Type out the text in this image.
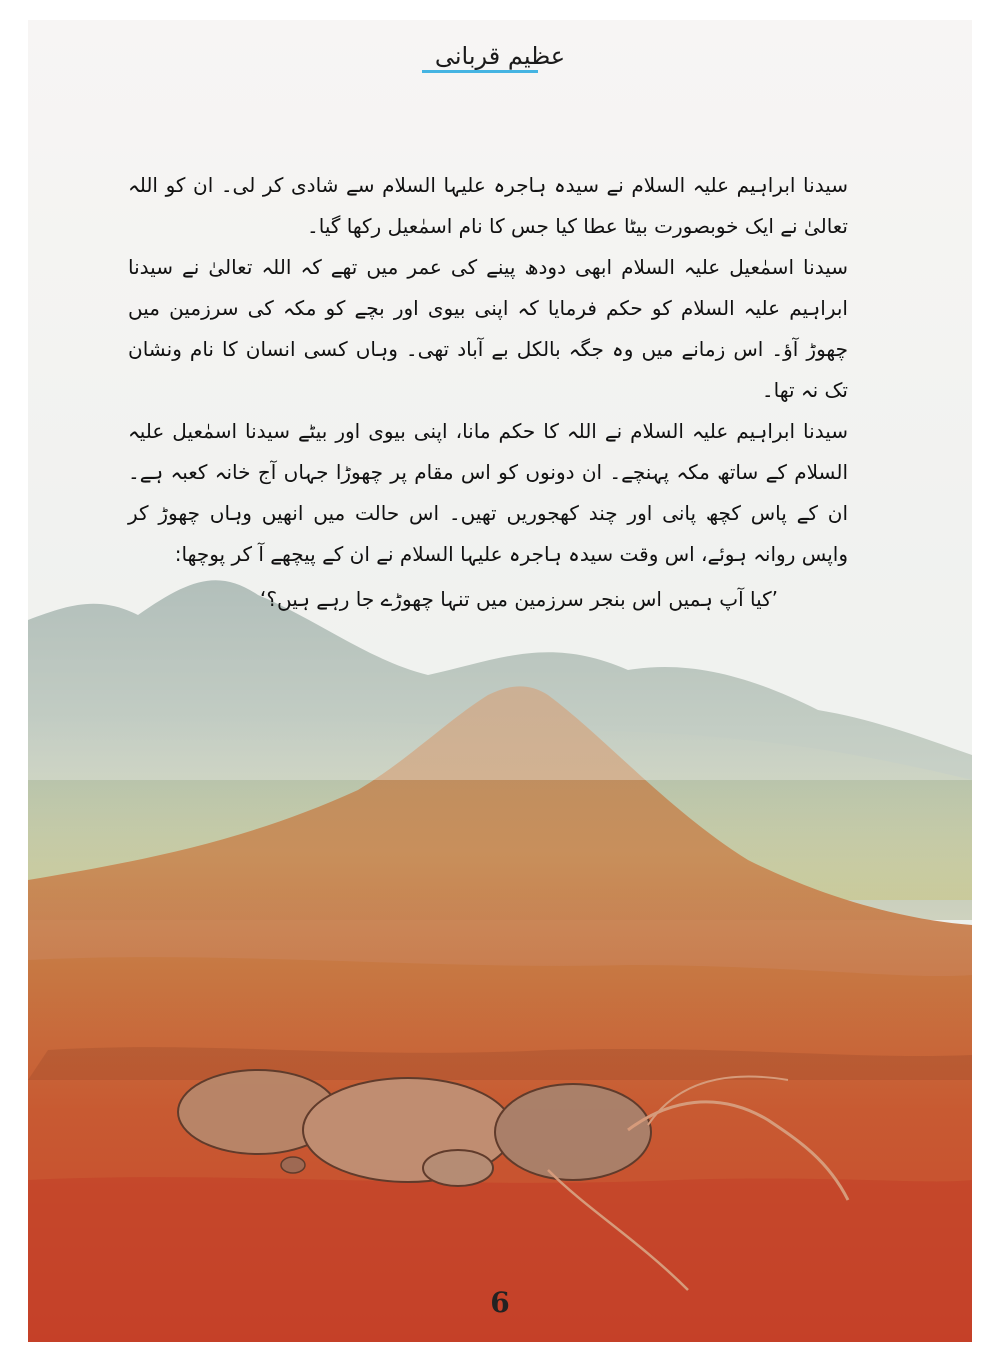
عظیم قربانی

سیدنا ابراہیم علیہ السلام نے سیدہ ہاجرہ علیہا السلام سے شادی کر لی۔ ان کو اللہ تعالیٰ نے ایک خوبصورت بیٹا عطا کیا جس کا نام اسمٰعیل رکھا گیا۔

سیدنا اسمٰعیل علیہ السلام ابھی دودھ پینے کی عمر میں تھے کہ اللہ تعالیٰ نے سیدنا ابراہیم علیہ السلام کو حکم فرمایا کہ اپنی بیوی اور بچے کو مکہ کی سرزمین میں چھوڑ آؤ۔ اس زمانے میں وہ جگہ بالکل بے آباد تھی۔ وہاں کسی انسان کا نام ونشان تک نہ تھا۔

سیدنا ابراہیم علیہ السلام نے اللہ کا حکم مانا، اپنی بیوی اور بیٹے سیدنا اسمٰعیل علیہ السلام کے ساتھ مکہ پہنچے۔ ان دونوں کو اس مقام پر چھوڑا جہاں آج خانہ کعبہ ہے۔ ان کے پاس کچھ پانی اور چند کھجوریں تھیں۔ اس حالت میں انھیں وہاں چھوڑ کر واپس روانہ ہوئے، اس وقت سیدہ ہاجرہ علیہا السلام نے ان کے پیچھے آ کر پوچھا:

’کیا آپ ہمیں اس بنجر سرزمین میں تنہا چھوڑے جا رہے ہیں؟‘

6
